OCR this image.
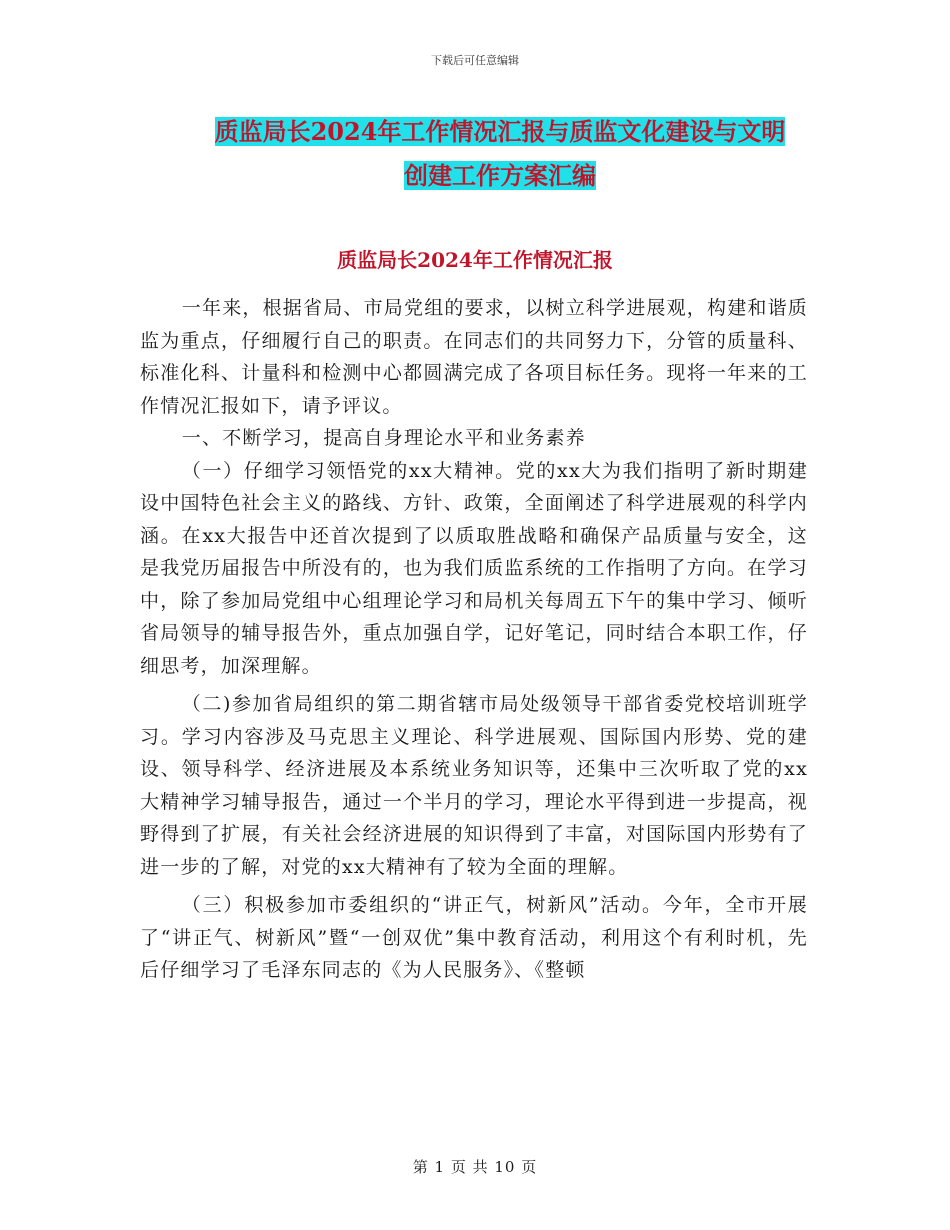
下载后可任意编辑
质监局长2024年工作情况汇报与质监文化建设与文明
创建工作方案汇编
质监局长2024年工作情况汇报

一年来，根据省局、市局党组的要求，以树立科学进展观，构建和谐质监为重点，仔细履行自己的职责。在同志们的共同努力下，分管的质量科、标准化科、计量科和检测中心都圆满完成了各项目标任务。现将一年来的工作情况汇报如下，请予评议。

一、不断学习，提高自身理论水平和业务素养

（一）仔细学习领悟党的xx大精神。党的xx大为我们指明了新时期建设中国特色社会主义的路线、方针、政策，全面阐述了科学进展观的科学内涵。在xx大报告中还首次提到了以质取胜战略和确保产品质量与安全，这是我党历届报告中所没有的，也为我们质监系统的工作指明了方向。在学习中，除了参加局党组中心组理论学习和局机关每周五下午的集中学习、倾听省局领导的辅导报告外，重点加强自学，记好笔记，同时结合本职工作，仔细思考，加深理解。

（二)参加省局组织的第二期省辖市局处级领导干部省委党校培训班学习。学习内容涉及马克思主义理论、科学进展观、国际国内形势、党的建设、领导科学、经济进展及本系统业务知识等，还集中三次听取了党的xx大精神学习辅导报告，通过一个半月的学习，理论水平得到进一步提高，视野得到了扩展，有关社会经济进展的知识得到了丰富，对国际国内形势有了进一步的了解，对党的xx大精神有了较为全面的理解。

（三）积极参加市委组织的“讲正气，树新风”活动。今年，全市开展了“讲正气、树新风”暨“一创双优”集中教育活动，利用这个有利时机，先后仔细学习了毛泽东同志的《为人民服务》、《整顿

第 1 页 共 10 页
